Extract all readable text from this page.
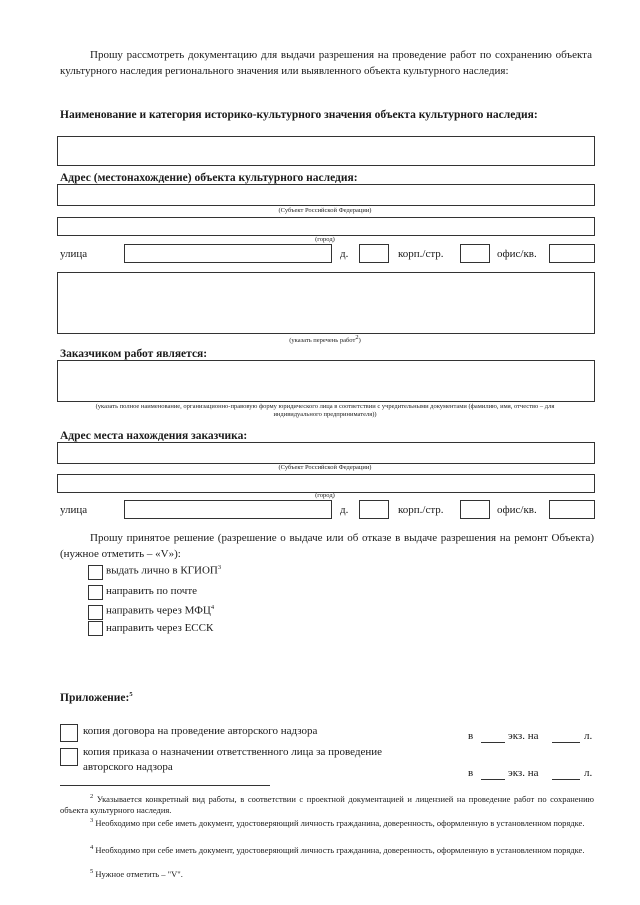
Прошу рассмотреть документацию для выдачи разрешения на проведение работ по сохранению объекта культурного наследия регионального значения или выявленного объекта культурного наследия:
Наименование и категория историко-культурного значения объекта культурного наследия:
Адрес (местонахождение) объекта культурного наследия:
(Субъект Российской Федерации)
(город)
улица	д.	корп./стр.	офис/кв.
(указать перечень работ$^2$)
Заказчиком работ является:
(указать полное наименование, организационно-правовую форму юридического лица в соответствии с учредительными документами (фамилию, имя, отчество – для индивидуального предпринимателя))
Адрес места нахождения заказчика:
(Субъект Российской Федерации)
(город)
улица	д.	корп./стр.	офис/кв.
Прошу принятое решение (разрешение о выдаче или об отказе в выдаче разрешения на ремонт Объекта) (нужное отметить – «V»):
выдать лично в КГИОП$^3$
направить по почте
направить через МФЦ$^4$
направить через ЕССК
Приложение:$^5$
копия договора на проведение авторского надзора	в	экз. на	л.
копия приказа о назначении ответственного лица за проведение авторского надзора	в	экз. на	л.
$^2$ Указывается конкретный вид работы, в соответствии с проектной документацией и лицензией на проведение работ по сохранению объекта культурного наследия.
$^3$ Необходимо при себе иметь документ, удостоверяющий личность гражданина, доверенность, оформленную в установленном порядке.
$^4$ Необходимо при себе иметь документ, удостоверяющий личность гражданина, доверенность, оформленную в установленном порядке.
$^5$ Нужное отметить – "V".
